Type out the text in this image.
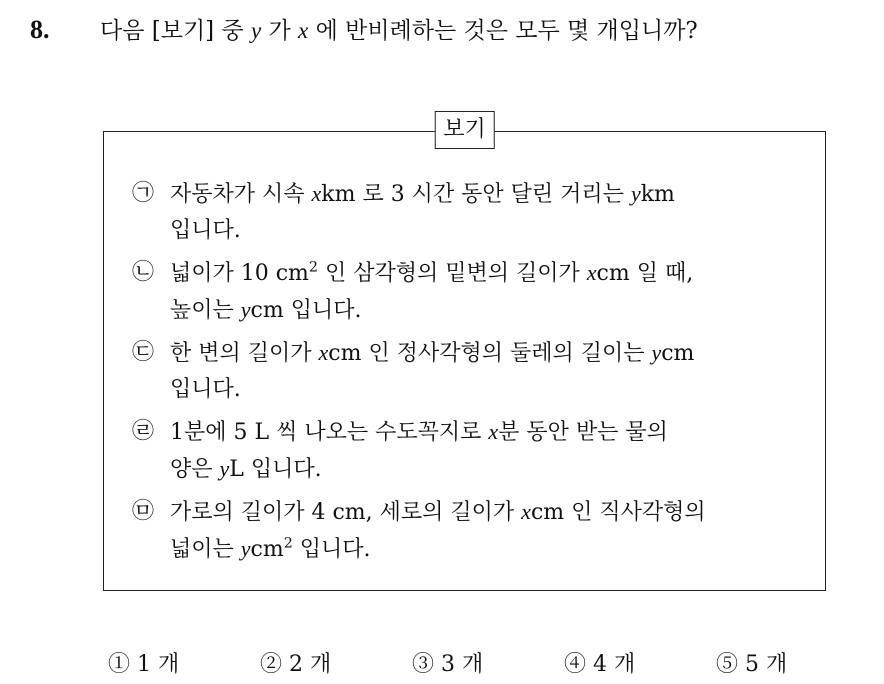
8.	다음 [보기] 중 y 가 x 에 반비례하는 것은 모두 몇 개입니까?
보기
㉠ 자동차가 시속 xkm 로 3 시간 동안 달린 거리는 ykm
입니다.
㉡ 넓이가 10 $cm^2$ 인 삼각형의 밑변의 길이가 xcm 일 때,
높이는 ycm 입니다.
㉢ 한 변의 길이가 xcm 인 정사각형의 둘레의 길이는 ycm
입니다.
㉣ 1분에 5 L 씩 나오는 수도꼭지로 x분 동안 받는 물의
양은 yL 입니다.
㉤ 가로의 길이가 4 cm, 세로의 길이가 xcm 인 직사각형의
넓이는 ycm$^2$ 입니다.
① 1 개	② 2 개	③ 3 개	④ 4 개	⑤ 5 개
